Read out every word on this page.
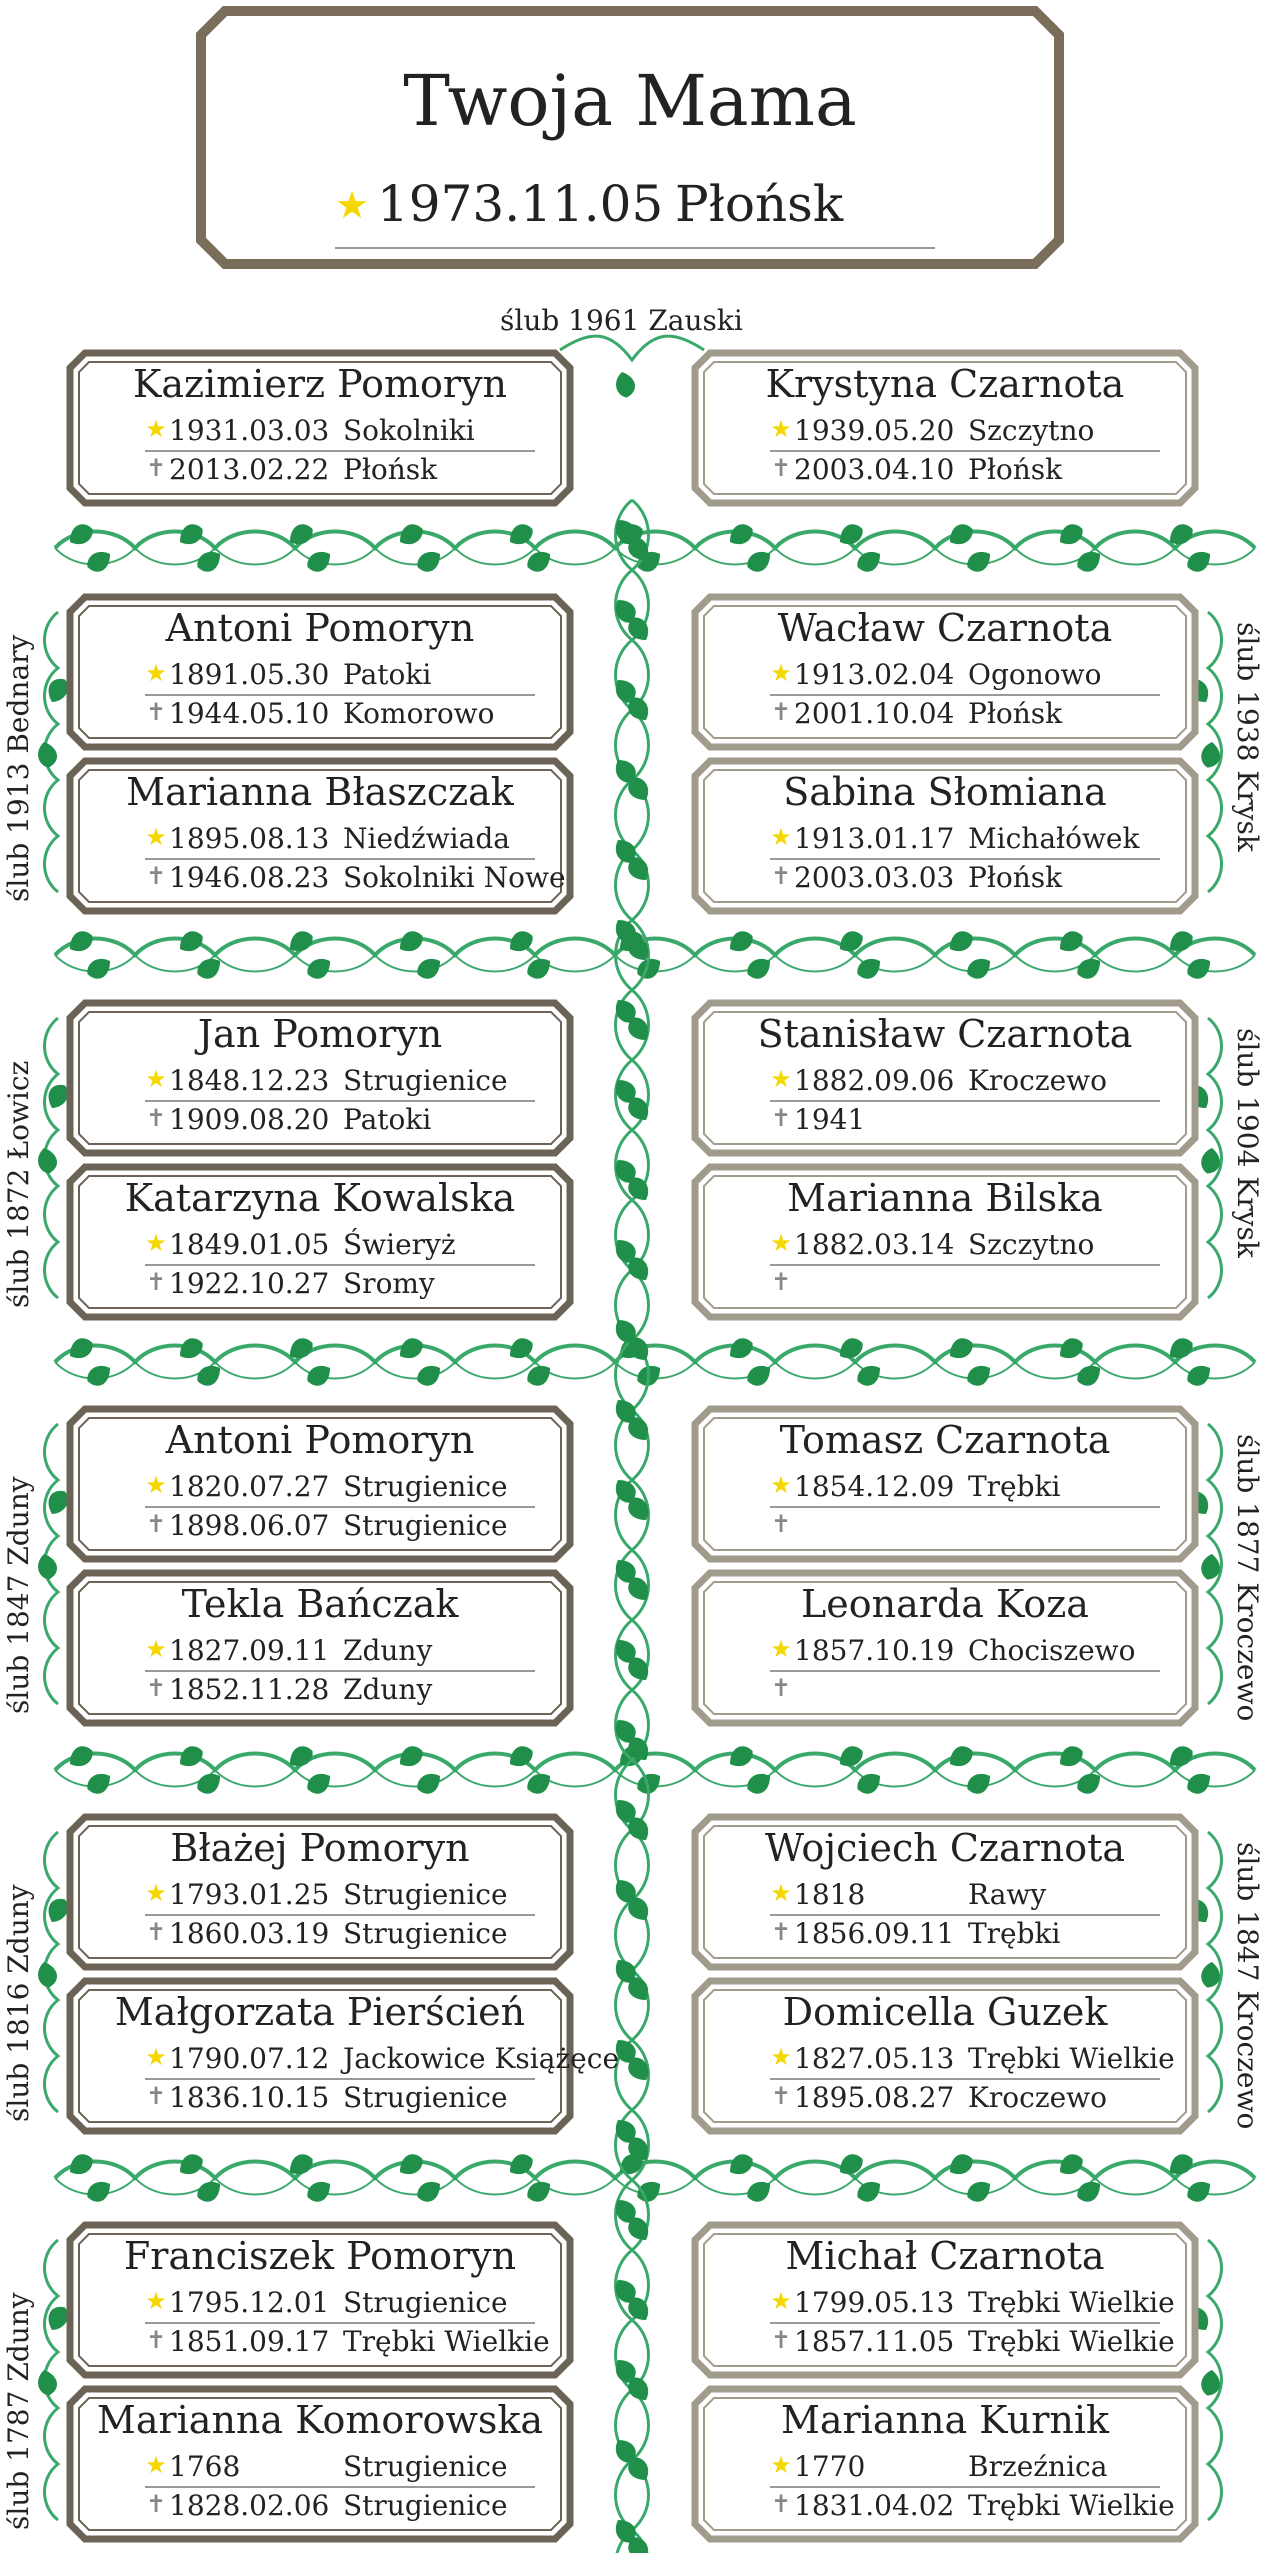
Twoja Mama
★ 1973.11.05 Płońsk
ślub 1961 Zauski
Kazimierz Pomoryn
★ 1931.03.03 Sokolniki
✝ 2013.02.22 Płońsk
Krystyna Czarnota
★ 1939.05.20 Szczytno
✝ 2003.04.10 Płońsk
Antoni Pomoryn
★ 1891.05.30 Patoki
✝ 1944.05.10 Komorowo
Marianna Błaszczak
★ 1895.08.13 Niedźwiada
✝ 1946.08.23 Sokolniki Nowe
Wacław Czarnota
★ 1913.02.04 Ogonowo
✝ 2001.10.04 Płońsk
Sabina Słomiana
★ 1913.01.17 Michałówek
✝ 2003.03.03 Płońsk
ślub 1913 Bednary	ślub 1938 Krysk
Jan Pomoryn
★ 1848.12.23 Strugienice
✝ 1909.08.20 Patoki
Katarzyna Kowalska
★ 1849.01.05 Świeryż
✝ 1922.10.27 Sromy
Stanisław Czarnota
★ 1882.09.06 Kroczewo
✝ 1941
Marianna Bilska
★ 1882.03.14 Szczytno
✝
ślub 1872 Łowicz	ślub 1904 Krysk
Antoni Pomoryn
★ 1820.07.27 Strugienice
✝ 1898.06.07 Strugienice
Tekla Bańczak
★ 1827.09.11 Zduny
✝ 1852.11.28 Zduny
Tomasz Czarnota
★ 1854.12.09 Trębki
✝
Leonarda Koza
★ 1857.10.19 Chociszewo
✝
ślub 1847 Zduny	ślub 1877 Kroczewo
Błażej Pomoryn
★ 1793.01.25 Strugienice
✝ 1860.03.19 Strugienice
Małgorzata Pierścień
★ 1790.07.12 Jackowice Książęce
✝ 1836.10.15 Strugienice
Wojciech Czarnota
★ 1818	Rawy
✝ 1856.09.11 Trębki
Domicella Guzek
★ 1827.05.13 Trębki Wielkie
✝ 1895.08.27 Kroczewo
ślub 1816 Zduny	ślub 1847 Kroczewo
Franciszek Pomoryn
★ 1795.12.01 Strugienice
✝ 1851.09.17 Trębki Wielkie
Marianna Komorowska
★ 1768	Strugienice
✝ 1828.02.06 Strugienice
Michał Czarnota
★ 1799.05.13 Trębki Wielkie
✝ 1857.11.05 Trębki Wielkie
Marianna Kurnik
★ 1770	Brzeźnica
✝ 1831.04.02 Trębki Wielkie
ślub 1787 Zduny
